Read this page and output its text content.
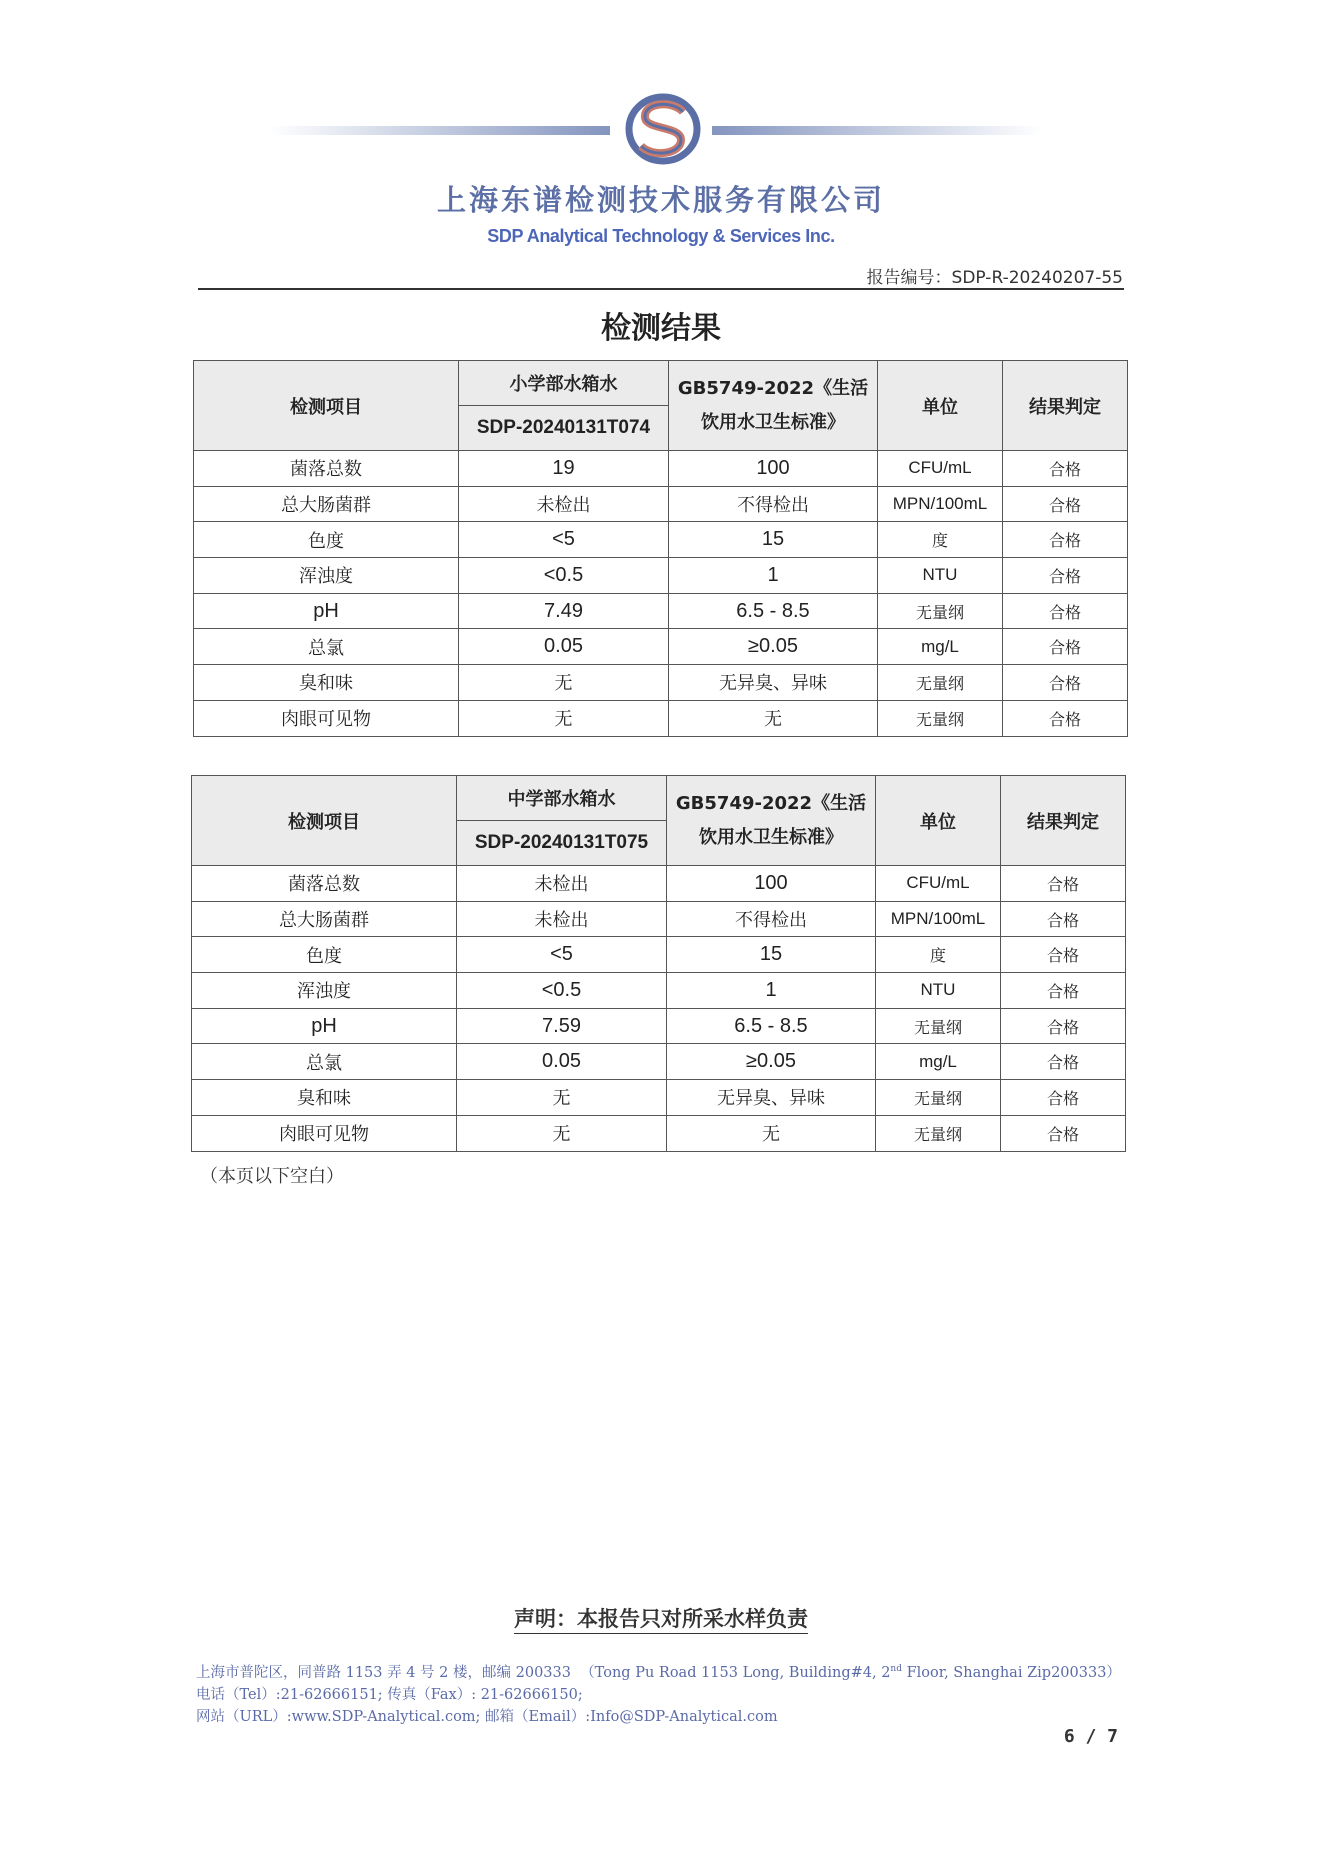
上海东谱检测技术服务有限公司
SDP Analytical Technology & Services Inc.
报告编号：SDP-R-20240207-55
检测结果
检测项目	小学部水箱水	GB5749-2022《生活饮用水卫生标准》	单位	结果判定
	SDP-20240131T074			
菌落总数	19	100	CFU/mL	合格
总大肠菌群	未检出	不得检出	MPN/100mL	合格
色度	<5	15	度	合格
浑浊度	<0.5	1	NTU	合格
pH	7.49	6.5 - 8.5	无量纲	合格
总氯	0.05	≥0.05	mg/L	合格
臭和味	无	无异臭、异味	无量纲	合格
肉眼可见物	无	无	无量纲	合格
检测项目	中学部水箱水	GB5749-2022《生活饮用水卫生标准》	单位	结果判定
	SDP-20240131T075			
菌落总数	未检出	100	CFU/mL	合格
总大肠菌群	未检出	不得检出	MPN/100mL	合格
色度	<5	15	度	合格
浑浊度	<0.5	1	NTU	合格
pH	7.59	6.5 - 8.5	无量纲	合格
总氯	0.05	≥0.05	mg/L	合格
臭和味	无	无异臭、异味	无量纲	合格
肉眼可见物	无	无	无量纲	合格
（本页以下空白）
声明：本报告只对所采水样负责
上海市普陀区，同普路 1153 弄 4 号 2 楼，邮编 200333 （Tong Pu Road 1153 Long, Building#4, 2nd Floor, Shanghai Zip200333）
电话（Tel）:21-62666151; 传真（Fax）: 21-62666150;
网站（URL）:www.SDP-Analytical.com; 邮箱（Email）:Info@SDP-Analytical.com
6 / 7
